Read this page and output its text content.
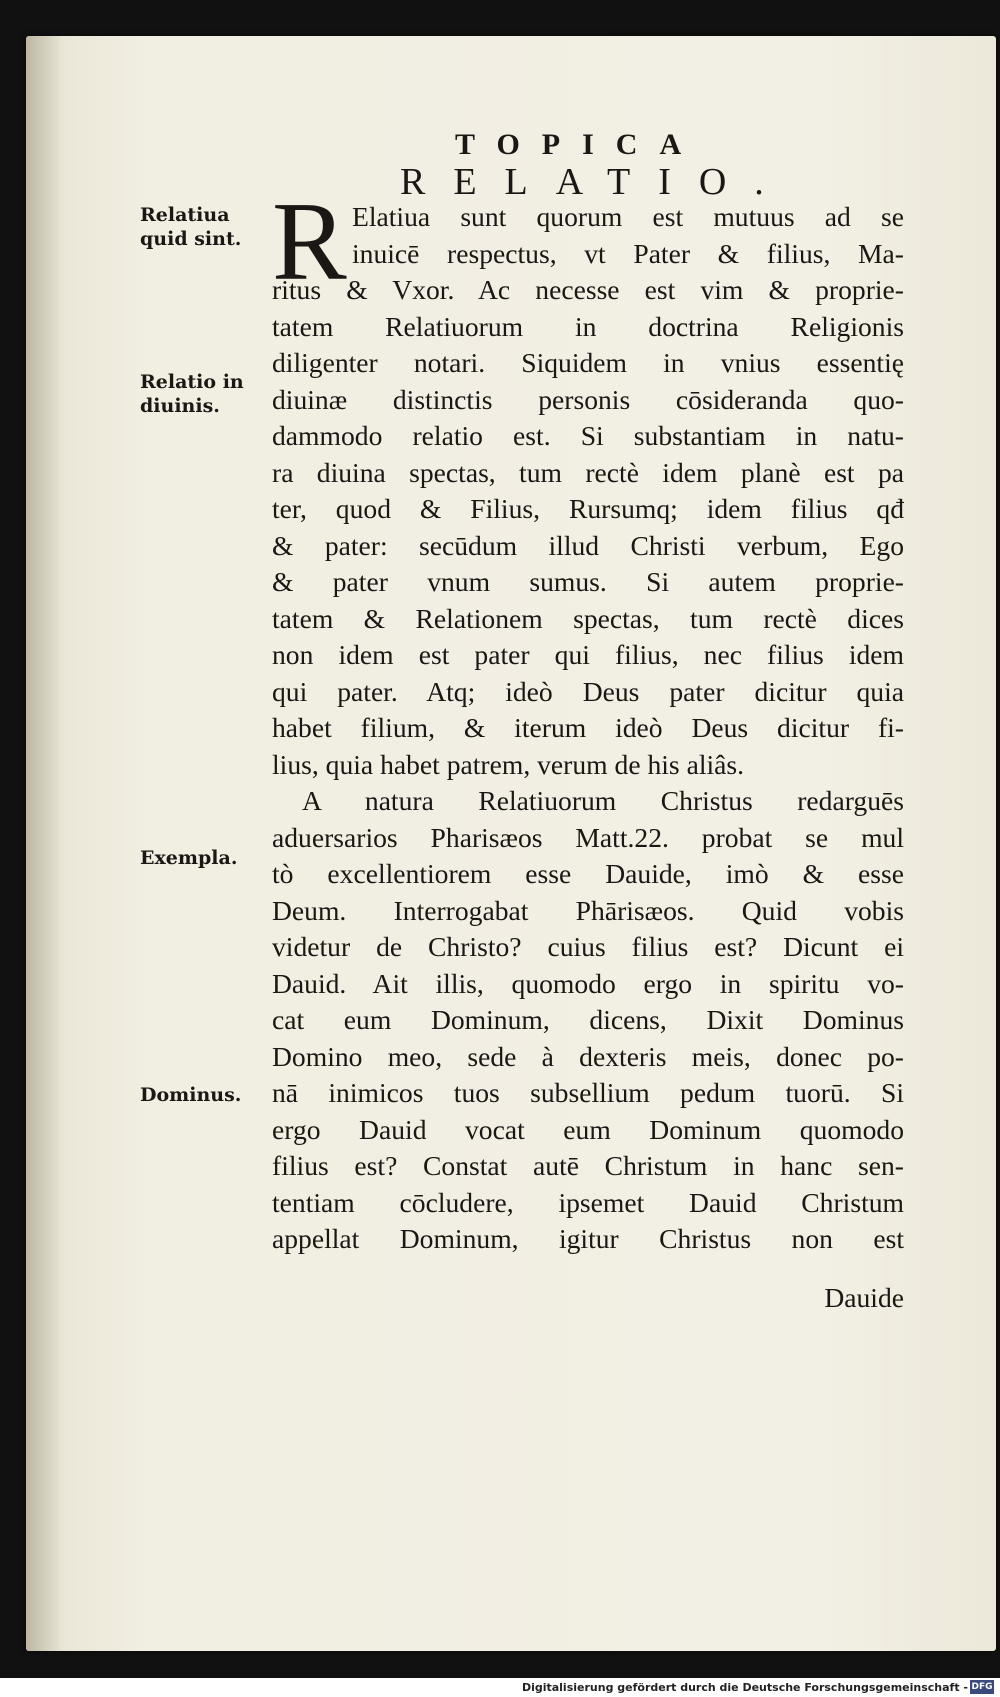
TOPICA
RELATIO.
Relatiua
quid sint.
Relatio in
diuinis.
Exempla.
Dominus.
R Elatiua sunt quorum est mutuus ad se
inuicē respectus, vt Pater & filius, Ma-
ritus & Vxor. Ac necesse est vim & proprie-
tatem Relatiuorum in doctrina Religionis
diligenter notari. Siquidem in vnius essentię
diuinæ distinctis personis cōsideranda quo-
dammodo relatio est. Si substantiam in natu-
ra diuina spectas, tum rectè idem planè est pa
ter, quod & Filius, Rursumq; idem filius qđ
& pater: secūdum illud Christi verbum, Ego
& pater vnum sumus. Si autem proprie-
tatem & Relationem spectas, tum rectè dices
non idem est pater qui filius, nec filius idem
qui pater. Atq; ideò Deus pater dicitur quia
habet filium, & iterum ideò Deus dicitur fi-
lius, quia habet patrem, verum de his aliâs.
A natura Relatiuorum Christus redarguēs
aduersarios Pharisæos Matt.22. probat se mul
tò excellentiorem esse Dauide, imò & esse
Deum. Interrogabat Phārisæos. Quid vobis
videtur de Christo? cuius filius est? Dicunt ei
Dauid. Ait illis, quomodo ergo in spiritu vo-
cat eum Dominum, dicens, Dixit Dominus
Domino meo, sede à dexteris meis, donec po-
nā inimicos tuos subsellium pedum tuorū. Si
ergo Dauid vocat eum Dominum quomodo
filius est? Constat autē Christum in hanc sen-
tentiam cōcludere, ipsemet Dauid Christum
appellat Dominum, igitur Christus non est
Dauide
Digitalisierung gefördert durch die Deutsche Forschungsgemeinschaft - DFG
